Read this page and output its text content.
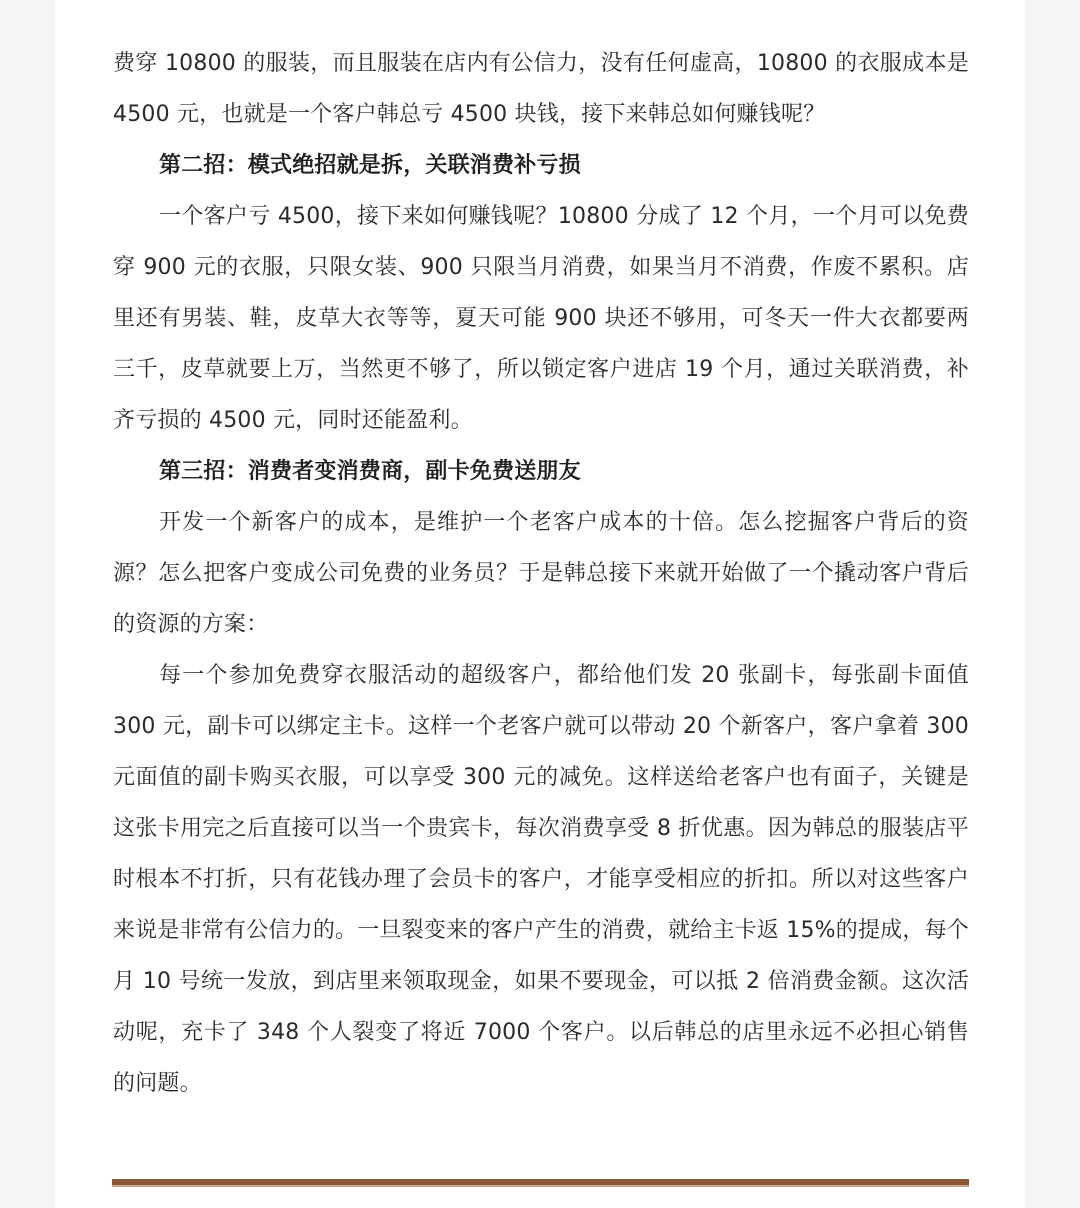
费穿 10800 的服装，而且服装在店内有公信力，没有任何虚高，10800 的衣服成本是 4500 元，也就是一个客户韩总亏 4500 块钱，接下来韩总如何赚钱呢？

第二招：模式绝招就是拆，关联消费补亏损

一个客户亏 4500，接下来如何赚钱呢？10800 分成了 12 个月，一个月可以免费穿 900 元的衣服，只限女装、900 只限当月消费，如果当月不消费，作废不累积。店里还有男装、鞋，皮草大衣等等，夏天可能 900 块还不够用，可冬天一件大衣都要两三千，皮草就要上万，当然更不够了，所以锁定客户进店 19 个月，通过关联消费，补齐亏损的 4500 元，同时还能盈利。

第三招：消费者变消费商，副卡免费送朋友

开发一个新客户的成本，是维护一个老客户成本的十倍。怎么挖掘客户背后的资源？怎么把客户变成公司免费的业务员？于是韩总接下来就开始做了一个撬动客户背后的资源的方案：

每一个参加免费穿衣服活动的超级客户，都给他们发 20 张副卡，每张副卡面值 300 元，副卡可以绑定主卡。这样一个老客户就可以带动 20 个新客户，客户拿着 300 元面值的副卡购买衣服，可以享受 300 元的减免。这样送给老客户也有面子，关键是这张卡用完之后直接可以当一个贵宾卡，每次消费享受 8 折优惠。因为韩总的服装店平时根本不打折，只有花钱办理了会员卡的客户，才能享受相应的折扣。所以对这些客户来说是非常有公信力的。一旦裂变来的客户产生的消费，就给主卡返 15%的提成，每个月 10 号统一发放，到店里来领取现金，如果不要现金，可以抵 2 倍消费金额。这次活动呢，充卡了 348 个人裂变了将近 7000 个客户。以后韩总的店里永远不必担心销售的问题。
